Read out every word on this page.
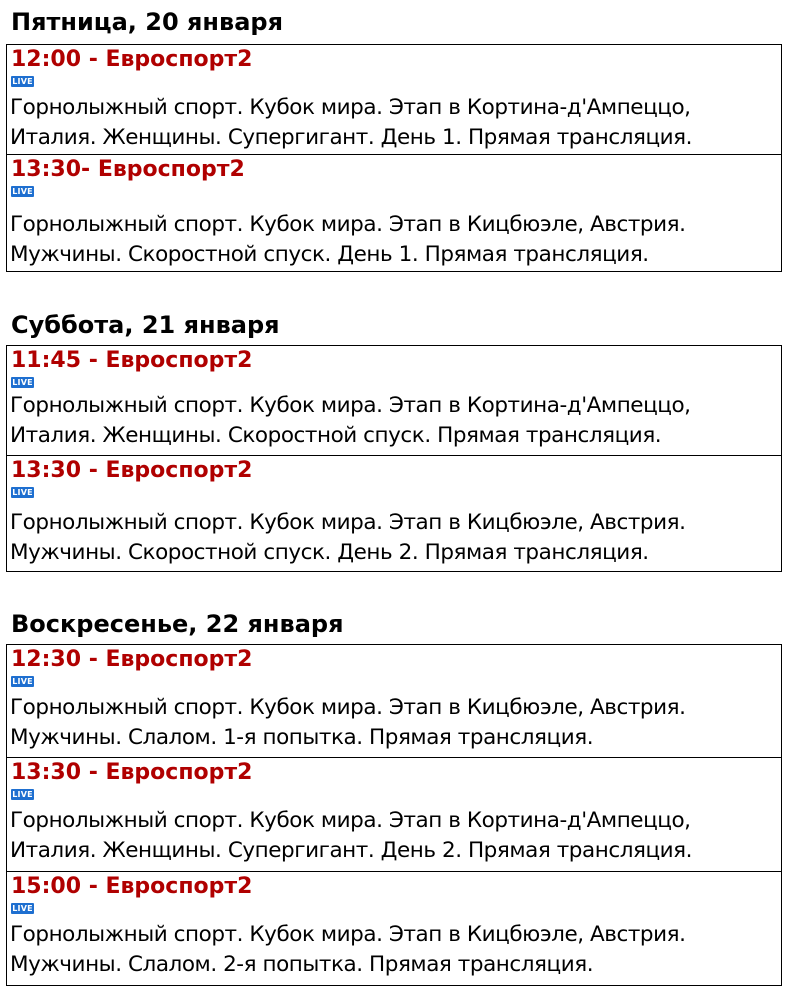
Пятница, 20 января
12:00 - Евроспорт2
LIVE
Горнолыжный спорт. Кубок мира. Этап в Кортина-д'Ампеццо,
Италия. Женщины. Супергигант. День 1. Прямая трансляция.
13:30- Евроспорт2
LIVE
Горнолыжный спорт. Кубок мира. Этап в Кицбюэле, Австрия.
Мужчины. Скоростной спуск. День 1. Прямая трансляция.
Суббота, 21 января
11:45 - Евроспорт2
LIVE
Горнолыжный спорт. Кубок мира. Этап в Кортина-д'Ампеццо,
Италия. Женщины. Скоростной спуск. Прямая трансляция.
13:30 - Евроспорт2
LIVE
Горнолыжный спорт. Кубок мира. Этап в Кицбюэле, Австрия.
Мужчины. Скоростной спуск. День 2. Прямая трансляция.
Воскресенье, 22 января
12:30 - Евроспорт2
LIVE
Горнолыжный спорт. Кубок мира. Этап в Кицбюэле, Австрия.
Мужчины. Слалом. 1-я попытка. Прямая трансляция.
13:30 - Евроспорт2
LIVE
Горнолыжный спорт. Кубок мира. Этап в Кортина-д'Ампеццо,
Италия. Женщины. Супергигант. День 2. Прямая трансляция.
15:00 - Евроспорт2
LIVE
Горнолыжный спорт. Кубок мира. Этап в Кицбюэле, Австрия.
Мужчины. Слалом. 2-я попытка. Прямая трансляция.
